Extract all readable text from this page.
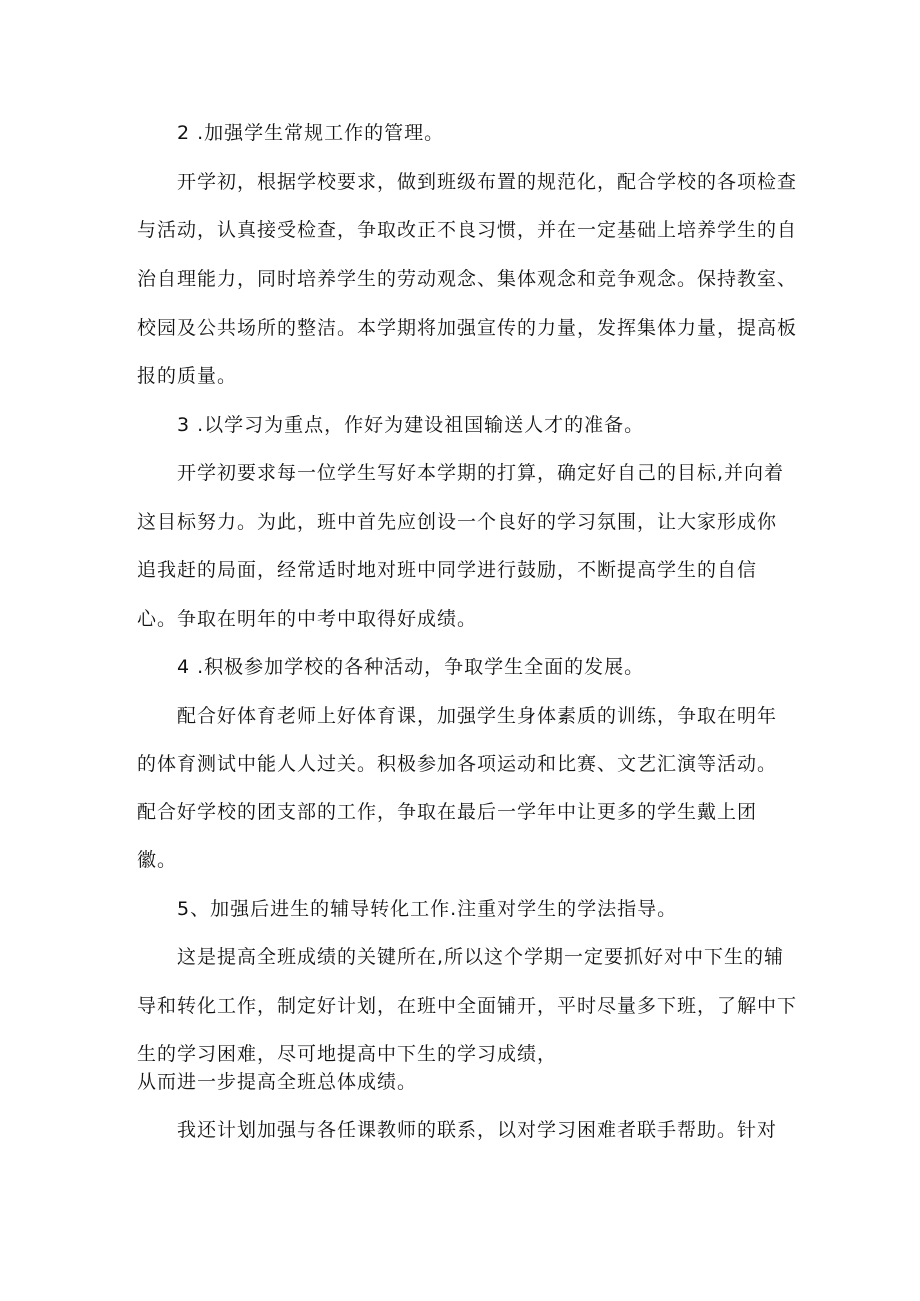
2 .加强学生常规工作的管理。
开学初，根据学校要求，做到班级布置的规范化，配合学校的各项检查
与活动，认真接受检查，争取改正不良习惯，并在一定基础上培养学生的自
治自理能力，同时培养学生的劳动观念、集体观念和竞争观念。保持教室、
校园及公共场所的整洁。本学期将加强宣传的力量，发挥集体力量，提高板
报的质量。
3 .以学习为重点，作好为建设祖国输送人才的准备。
开学初要求每一位学生写好本学期的打算，确定好自己的目标,并向着
这目标努力。为此，班中首先应创设一个良好的学习氛围，让大家形成你
追我赶的局面，经常适时地对班中同学进行鼓励，不断提高学生的自信
心。争取在明年的中考中取得好成绩。
4 .积极参加学校的各种活动，争取学生全面的发展。
配合好体育老师上好体育课，加强学生身体素质的训练，争取在明年
的体育测试中能人人过关。积极参加各项运动和比赛、文艺汇演等活动。
配合好学校的团支部的工作，争取在最后一学年中让更多的学生戴上团
徽。
5、加强后进生的辅导转化工作.注重对学生的学法指导。
这是提高全班成绩的关键所在,所以这个学期一定要抓好对中下生的辅
导和转化工作，制定好计划，在班中全面铺开，平时尽量多下班，了解中下
生的学习困难，尽可地提高中下生的学习成绩，
从而进一步提高全班总体成绩。
我还计划加强与各任课教师的联系，以对学习困难者联手帮助。针对
